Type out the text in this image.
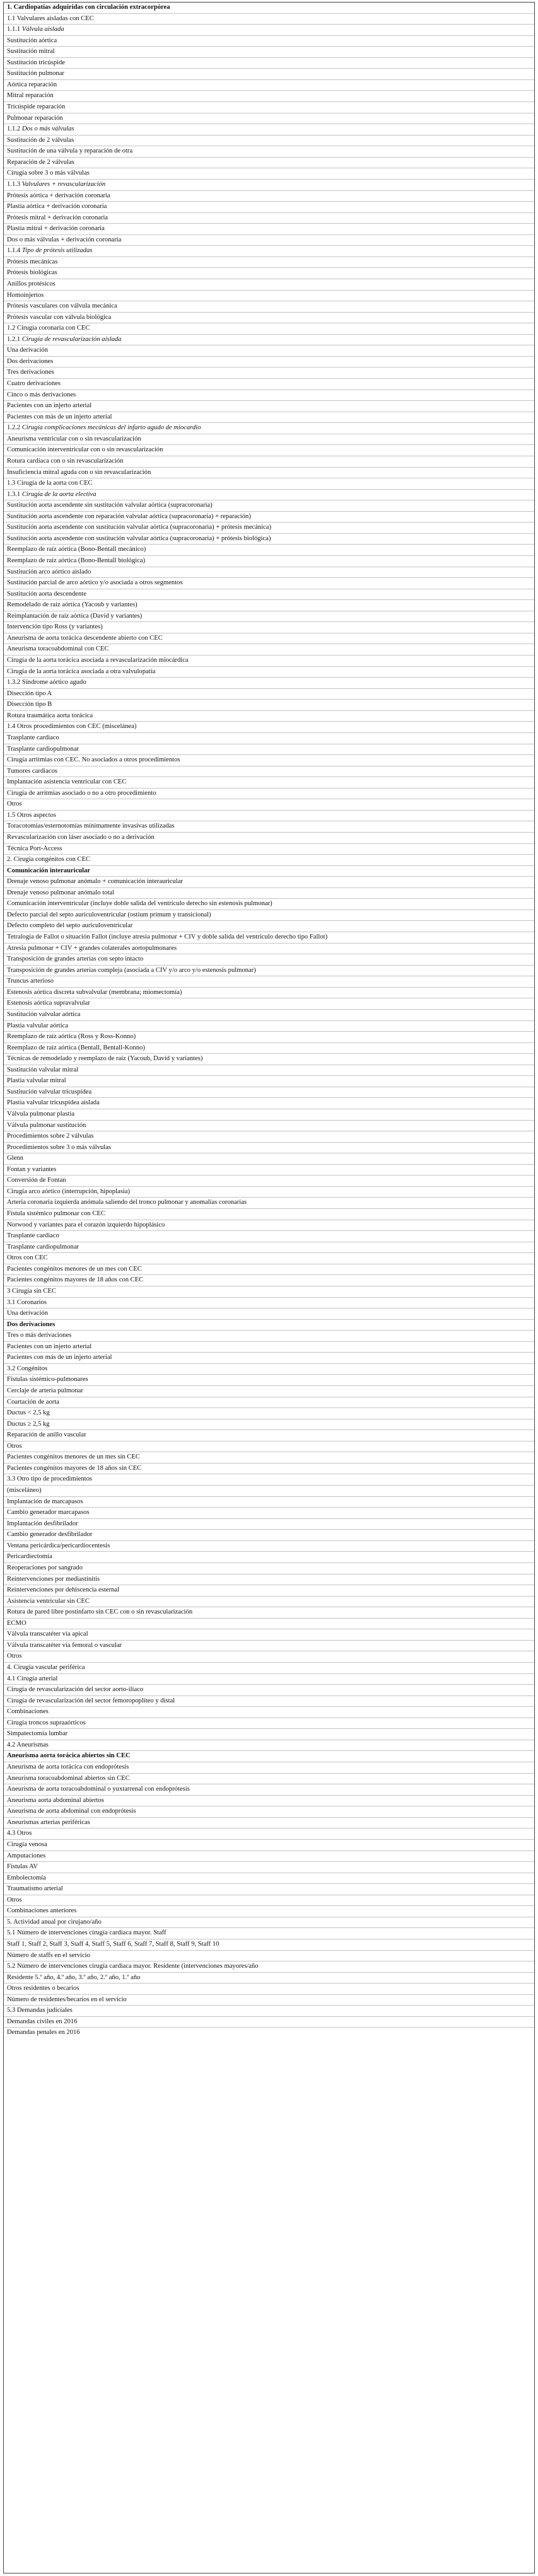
1. Cardiopatías adquiridas con circulación extracorpórea
1.1 Valvulares aisladas con CEC
1.1.1 Válvula aislada
Sustitución aórtica
Sustitución mitral
Sustitución tricúspide
Sustitución pulmonar
Aórtica reparación
Mitral reparación
Tricúspide reparación
Pulmonar reparación
1.1.2 Dos o más válvulas
Sustitución de 2 válvulas
Sustitución de una válvula y reparación de otra
Reparación de 2 válvulas
Cirugía sobre 3 o más válvulas
1.1.3 Valvulares + revascularización
Prótesis aórtica + derivación coronaria
Plastia aórtica + derivación coronaria
Prótesis mitral + derivación coronaria
Plastia mitral + derivación coronaria
Dos o más válvulas + derivación coronaria
1.1.4 Tipo de prótesis utilizadas
Prótesis mecánicas
Prótesis biológicas
Anillos protésicos
Homoinjertos
Prótesis vasculares con válvula mecánica
Prótesis vascular con válvula biológica
1.2 Cirugía coronaria con CEC
1.2.1 Cirugía de revascularización aislada
Una derivación
Dos derivaciones
Tres derivaciones
Cuatro derivaciones
Cinco o más derivaciones
Pacientes con un injerto arterial
Pacientes con más de un injerto arterial
1.2.2 Cirugía complicaciones mecánicas del infarto agudo de miocardio
Aneurisma ventricular con o sin revascularización
Comunicación interventricular con o sin revascularización
Rotura cardiaca con o sin revascularización
Insuficiencia mitral aguda con o sin revascularización
1.3 Cirugía de la aorta con CEC
1.3.1 Cirugía de la aorta electiva
Sustitución aorta ascendente sin sustitución valvular aórtica (supracoronaria)
Sustitución aorta ascendente con reparación valvular aórtica (supracoronaria) + reparación)
Sustitución aorta ascendente con sustitución valvular aórtica (supracoronaria) + prótesis mecánica)
Sustitución aorta ascendente con sustitución valvular aórtica (supracoronaria) + prótesis biológica)
Reemplazo de raíz aórtica (Bono-Bentall mecánico)
Reemplazo de raíz aórtica (Bono-Bentall biológica)
Sustitución arco aórtico aislado
Sustitución parcial de arco aórtico y/o asociada a otros segmentos
Sustitución aorta descendente
Remodelado de raíz aórtica (Yacoub y variantes)
Reimplantación de raíz aórtica (David y variantes)
Intervención tipo Ross (y variantes)
Aneurisma de aorta torácica descendente abierto con CEC
Aneurisma toracoabdominal con CEC
Cirugía de la aorta torácica asociada a revascularización miocárdica
Cirugía de la aorta torácica asociada a otra valvulopatía
1.3.2 Síndrome aórtico agudo
Disección tipo A
Disección tipo B
Rotura traumática aorta torácica
1.4 Otros procedimientos con CEC (miscelánea)
Trasplante cardiaco
Trasplante cardiopulmonar
Cirugía arritmias con CEC. No asociados a otros procedimientos
Tumores cardiacos
Implantación asistencia ventricular con CEC
Cirugía de arritmias asociado o no a otro procedimiento
Otros
1.5 Otros aspectos
Toracotomías/esternotomías mínimamente invasivas utilizadas
Revascularización con láser asociado o no a derivación
Técnica Port-Access
2. Cirugía congénitos con CEC
Comunicación interauricular
Drenaje venoso pulmonar anómalo + comunicación interauricular
Drenaje venoso pulmonar anómalo total
Comunicación interventricular (incluye doble salida del ventrículo derecho sin estenosis pulmonar)
Defecto parcial del septo auriculoventricular (ostium primum y transicional)
Defecto completo del septo auriculoventricular
Tetralogía de Fallot o situación Fallot (incluye atresia pulmonar + CIV y doble salida del ventrículo derecho tipo Fallot)
Atresia pulmonar + CIV + grandes colaterales aortopulmonares
Transposición de grandes arterias con septo intacto
Transposición de grandes arterias compleja (asociada a CIV y/o arco y/o estenosis pulmonar)
Truncus arterioso
Estenosis aórtica discreta subvalvular (membrana; miomectomía)
Estenosis aórtica supravalvular
Sustitución valvular aórtica
Plastia valvular aórtica
Reemplazo de raíz aórtica (Ross y Ross-Konno)
Reemplazo de raíz aórtica (Bentall, Bentall-Konno)
Técnicas de remodelado y reemplazo de raíz (Yacoub, David y variantes)
Sustitución valvular mitral
Plastia valvular mitral
Sustitución valvular tricuspídea
Plastia valvular tricuspídea aislada
Válvula pulmonar plastia
Válvula pulmonar sustitución
Procedimientos sobre 2 válvulas
Procedimientos sobre 3 o más válvulas
Glenn
Fontan y variantes
Conversión de Fontan
Cirugía arco aórtico (interrupción, hipoplasia)
Arteria coronaria izquierda anómala saliendo del tronco pulmonar y anomalías coronarias
Fístula sistémico pulmonar con CEC
Norwood y variantes para el corazón izquierdo hipoplásico
Trasplante cardiaco
Trasplante cardiopulmonar
Otros con CEC
Pacientes congénitos menores de un mes con CEC
Pacientes congénitos mayores de 18 años con CEC
3 Cirugía sin CEC
3.1 Coronarios
Una derivación
Dos derivaciones
Tres o más derivaciones
Pacientes con un injerto arterial
Pacientes con más de un injerto arterial
3.2 Congénitos
Fístulas sistémico-pulmonares
Cerclaje de arteria pulmonar
Coartación de aorta
Ductus < 2,5 kg
Ductus ≥ 2,5 kg
Reparación de anillo vascular
Otros
Pacientes congénitos menores de un mes sin CEC
Pacientes congénitos mayores de 18 años sin CEC
3.3 Otro tipo de procedimientos
(misceláneo)
Implantación de marcapasos
Cambio generador marcapasos
Implantación desfibrilador
Cambio generador desfibrilador
Ventana pericárdica/pericardiocentesis
Pericardiectomía
Reoperaciones por sangrado
Reintervenciones por mediastinitis
Reintervenciones por dehiscencia esternal
Asistencia ventricular sin CEC
Rotura de pared libre postinfarto sin CEC con o sin revascularización
ECMO
Válvula transcatéter vía apical
Válvula transcatéter vía femoral o vascular
Otros
4. Cirugía vascular periférica
4.1 Cirugía arterial
Cirugía de revascularización del sector aorto-ilíaco
Cirugía de revascularización del sector femoropoplíteo y distal
Combinaciones
Cirugía troncos supraaórticos
Simpatectomía lumbar
4.2 Aneurismas
Aneurisma aorta torácica abiertos sin CEC
Aneurisma de aorta torácica con endoprótesis
Aneurisma toracoabdominal abiertos sin CEC
Aneurisma de aorta toracoabdominal o yuxtarrenal con endoprótesis
Aneurisma aorta abdominal abiertos
Aneurisma de aorta abdominal con endoprótesis
Aneurismas arterias periféricas
4.3 Otros
Cirugía venosa
Amputaciones
Fístulas AV
Embolectomía
Traumatismo arterial
Otros
Combinaciones anteriores
5. Actividad anual por cirujano/año
5.1 Número de intervenciones cirugía cardiaca mayor. Staff
Staff 1, Staff 2, Staff 3, Staff 4, Staff 5, Staff 6, Staff 7, Staff 8, Staff 9, Staff 10
Número de staffs en el servicio
5.2 Número de intervenciones cirugía cardiaca mayor. Residente (intervenciones mayores/año
Residente 5.º año, 4.º año, 3.º año, 2.º año, 1.º año
Otros residentes o becarios
Número de residentes/becarios en el servicio
5.3 Demandas judiciales
Demandas civiles en 2016
Demandas penales en 2016
